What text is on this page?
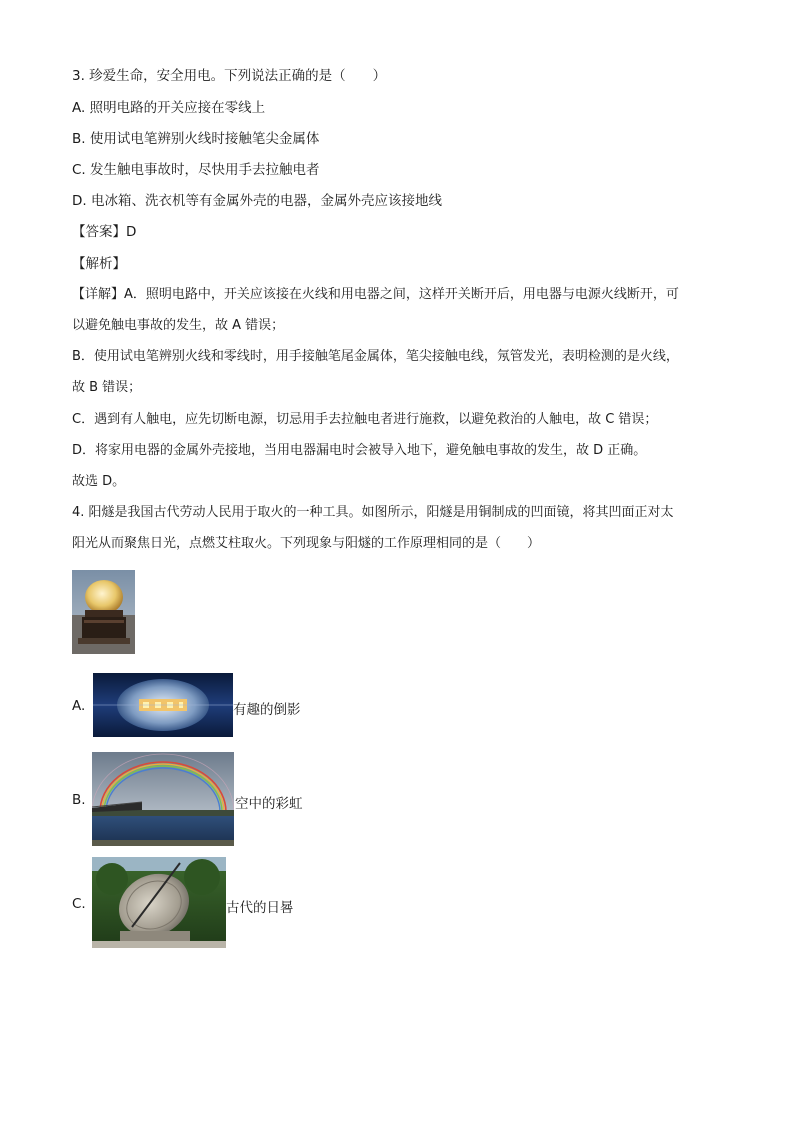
3. 珍爱生命，安全用电。下列说法正确的是（　　）
A. 照明电路的开关应接在零线上
B. 使用试电笔辨别火线时接触笔尖金属体
C. 发生触电事故时，尽快用手去拉触电者
D. 电冰箱、洗衣机等有金属外壳的电器，金属外壳应该接地线
【答案】D
【解析】
【详解】A．照明电路中，开关应该接在火线和用电器之间，这样开关断开后，用电器与电源火线断开，可
以避免触电事故的发生，故 A 错误；
B．使用试电笔辨别火线和零线时，用手接触笔尾金属体，笔尖接触电线，氖管发光，表明检测的是火线，
故 B 错误；
C．遇到有人触电，应先切断电源，切忌用手去拉触电者进行施救，以避免救治的人触电，故 C 错误；
D．将家用电器的金属外壳接地，当用电器漏电时会被导入地下，避免触电事故的发生，故 D 正确。
故选 D。
4. 阳燧是我国古代劳动人民用于取火的一种工具。如图所示，阳燧是用铜制成的凹面镜，将其凹面正对太
阳光从而聚焦日光，点燃艾柱取火。下列现象与阳燧的工作原理相同的是（　　）
A.	有趣的倒影
B.	空中的彩虹
C.	古代的日晷
